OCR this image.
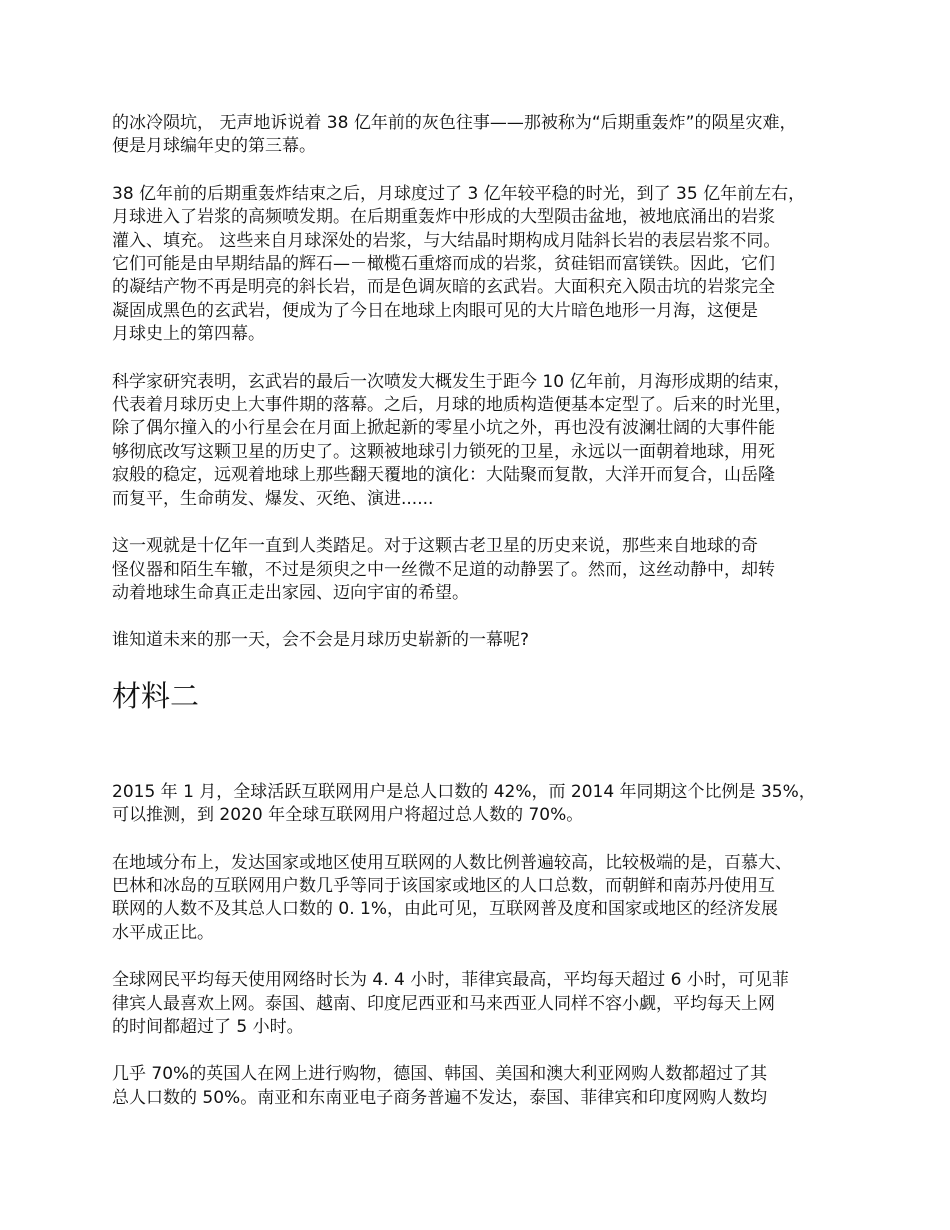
的冰冷陨坑， 无声地诉说着 38 亿年前的灰色往事——那被称为“后期重轰炸”的陨星灾难，
便是月球编年史的第三幕。
38 亿年前的后期重轰炸结束之后，月球度过了 3 亿年较平稳的时光，到了 35 亿年前左右，
月球进入了岩浆的高频喷发期。在后期重轰炸中形成的大型陨击盆地，被地底涌出的岩浆
灌入、填充。 这些来自月球深处的岩浆，与大结晶时期构成月陆斜长岩的表层岩浆不同。
它们可能是由早期结晶的辉石—－橄榄石重熔而成的岩浆，贫硅铝而富镁铁。因此，它们
的凝结产物不再是明亮的斜长岩，而是色调灰暗的玄武岩。大面积充入陨击坑的岩浆完全
凝固成黑色的玄武岩，便成为了今日在地球上肉眼可见的大片暗色地形一月海，这便是
月球史上的第四幕。
科学家研究表明，玄武岩的最后一次喷发大概发生于距今 10 亿年前，月海形成期的结束，
代表着月球历史上大事件期的落幕。之后，月球的地质构造便基本定型了。后来的时光里，
除了偶尔撞入的小行星会在月面上掀起新的零星小坑之外，再也没有波澜壮阔的大事件能
够彻底改写这颗卫星的历史了。这颗被地球引力锁死的卫星，永远以一面朝着地球，用死
寂般的稳定，远观着地球上那些翻天覆地的演化：大陆聚而复散，大洋开而复合，山岳隆
而复平，生命萌发、爆发、灭绝、演进......
这一观就是十亿年一直到人类踏足。对于这颗古老卫星的历史来说，那些来自地球的奇
怪仪器和陌生车辙，不过是须臾之中一丝微不足道的动静罢了。然而，这丝动静中，却转
动着地球生命真正走出家园、迈向宇宙的希望。
谁知道未来的那一天，会不会是月球历史崭新的一幕呢?
材料二
2015 年 1 月，全球活跃互联网用户是总人口数的 42%，而 2014 年同期这个比例是 35%，
可以推测，到 2020 年全球互联网用户将超过总人数的 70%。
在地域分布上，发达国家或地区使用互联网的人数比例普遍较高，比较极端的是，百慕大、
巴林和冰岛的互联网用户数几乎等同于该国家或地区的人口总数，而朝鲜和南苏丹使用互
联网的人数不及其总人口数的 0. 1%，由此可见，互联网普及度和国家或地区的经济发展
水平成正比。
全球网民平均每天使用网络时长为 4. 4 小时，菲律宾最高，平均每天超过 6 小时，可见菲
律宾人最喜欢上网。泰国、越南、印度尼西亚和马来西亚人同样不容小觑，平均每天上网
的时间都超过了 5 小时。
几乎 70%的英国人在网上进行购物，德国、韩国、美国和澳大利亚网购人数都超过了其
总人口数的 50%。南亚和东南亚电子商务普遍不发达，泰国、菲律宾和印度网购人数均
